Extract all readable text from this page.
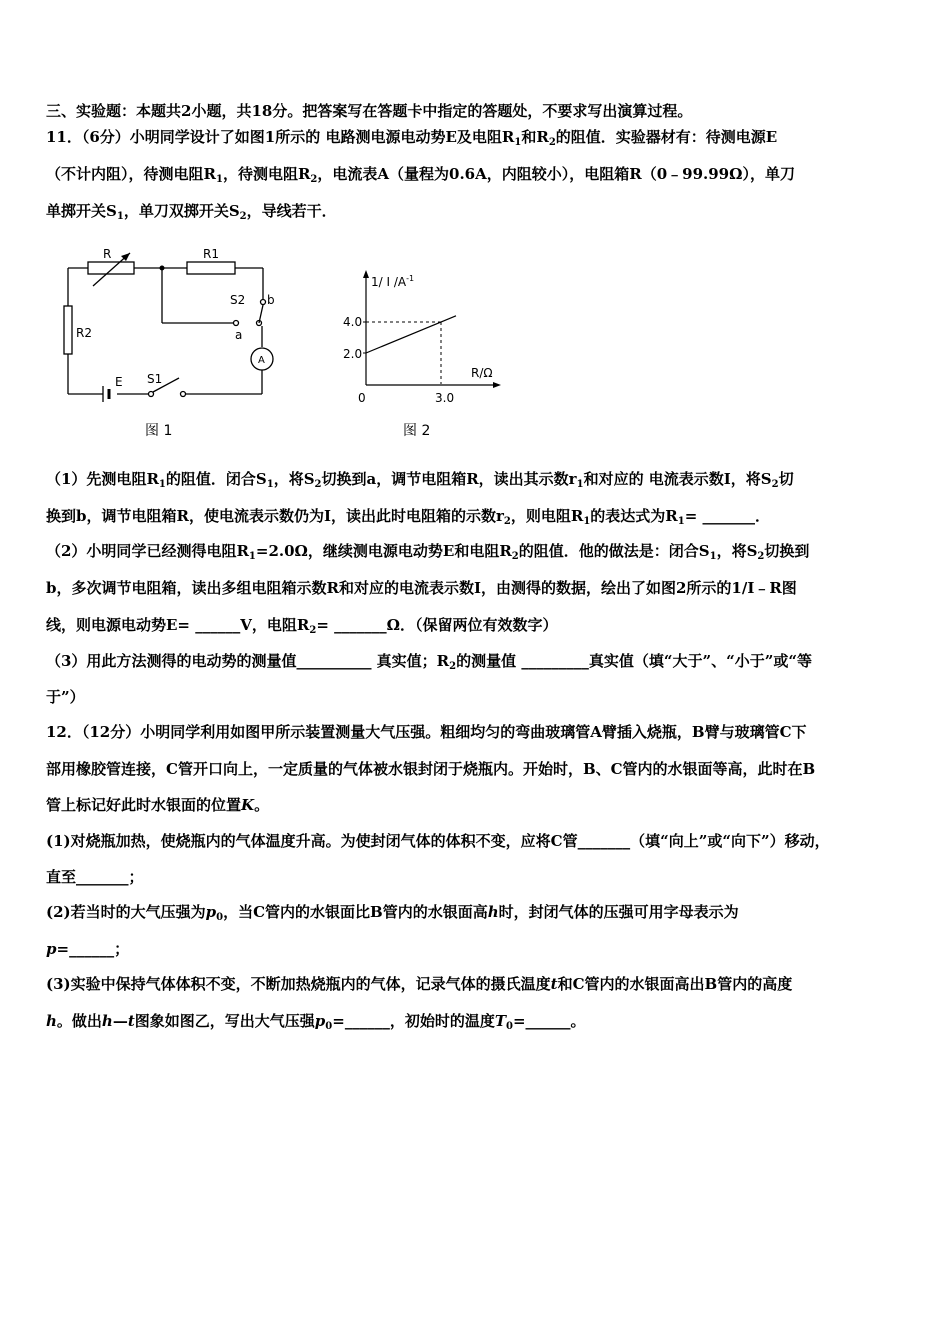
三、实验题：本题共2小题，共18分。把答案写在答题卡中指定的答题处，不要求写出演算过程。
11．（6分）小明同学设计了如图1所示的 电路测电源电动势E及电阻$R_1$和$R_2$的阻值．实验器材有：待测电源E
（不计内阻），待测电阻$R_1$，待测电阻$R_2$，电流表A（量程为0.6A，内阻较小），电阻箱R（0﹣99.99Ω），单刀
单掷开关$S_1$，单刀双掷开关$S_2$，导线若干．
R	R1
R2
S2 b
a
A
E S1
图 1
1/ I $/A^{-1}$
R/Ω
0
4.0
2.0
3.0
图 2
（1）先测电阻$R_1$的阻值．闭合$S_1$，将$S_2$切换到a，调节电阻箱R，读出其示数$r_1$和对应的 电流表示数I，将$S_2$切
换到b，调节电阻箱R，使电流表示数仍为I，读出此时电阻箱的示数$r_2$，则电阻$R_1$的表达式为$R_1=$ _______．
（2）小明同学已经测得电阻$R_1=2.0\Omega$，继续测电源电动势E和电阻$R_2$的阻值．他的做法是：闭合$S_1$，将$S_2$切换到
b，多次调节电阻箱，读出多组电阻箱示数R和对应的电流表示数I，由测得的数据，绘出了如图2所示的1/I﹣R图
线，则电源电动势E= ______V，电阻$R_2=$ _______Ω．（保留两位有效数字）
（3）用此方法测得的电动势的测量值__________ 真实值；$R_2$的测量值 _________真实值（填“大于”、“小于”或“等
于”）
12．（12分）小明同学利用如图甲所示装置测量大气压强。粗细均匀的弯曲玻璃管A臂插入烧瓶，B臂与玻璃管C下
部用橡胶管连接，C管开口向上，一定质量的气体被水银封闭于烧瓶内。开始时，B、C管内的水银面等高，此时在B
管上标记好此时水银面的位置K。
(1)对烧瓶加热，使烧瓶内的气体温度升高。为使封闭气体的体积不变，应将C管_______（填“向上”或“向下”）移动，
直至_______；
(2)若当时的大气压强为$p_0$，当C管内的水银面比B管内的水银面高h时，封闭气体的压强可用字母表示为
p=______；
(3)实验中保持气体体积不变，不断加热烧瓶内的气体，记录气体的摄氏温度t和C管内的水银面高出B管内的高度
h。做出h—t图象如图乙，写出大气压强$p_0=\_\_\_\_\_\_$，初始时的温度$T_0=\_\_\_\_\_\_$。
